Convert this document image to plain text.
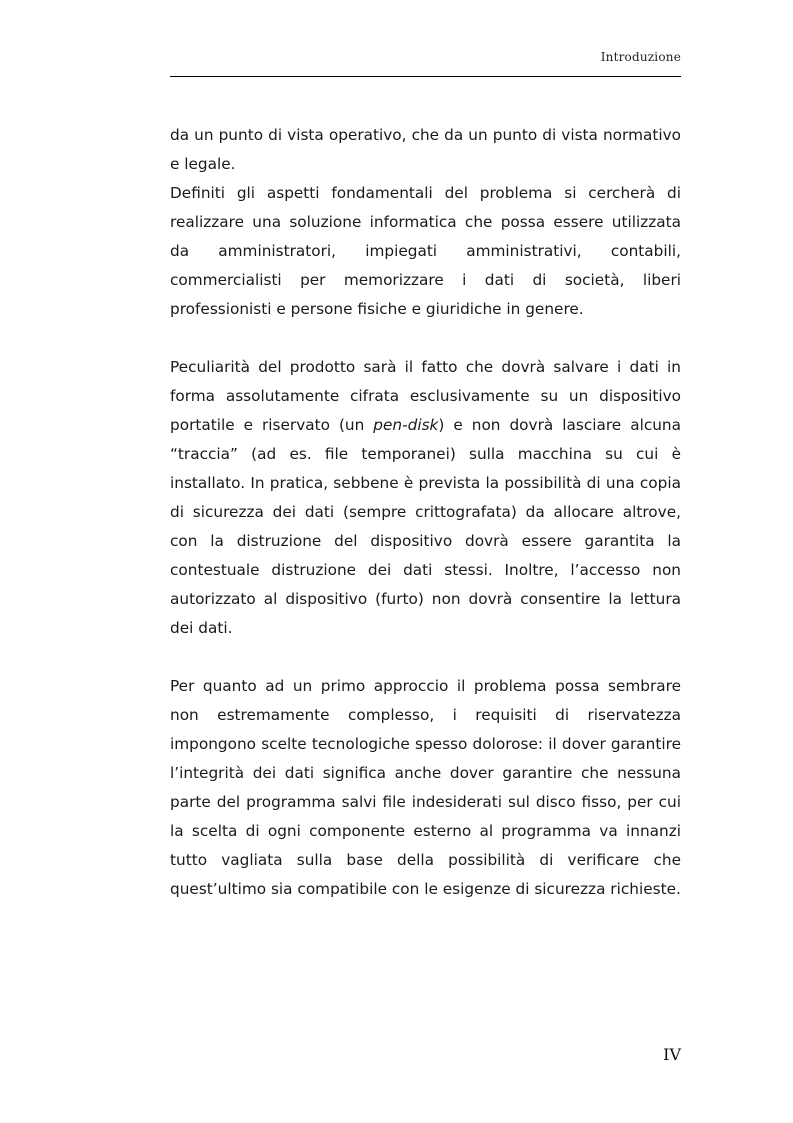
Introduzione

da un punto di vista operativo, che da un punto di vista normativo e legale.

Definiti gli aspetti fondamentali del problema si cercherà di realizzare una soluzione informatica che possa essere utilizzata da amministratori, impiegati amministrativi, contabili, commercialisti per memorizzare i dati di società, liberi professionisti e persone fisiche e giuridiche in genere.

Peculiarità del prodotto sarà il fatto che dovrà salvare i dati in forma assolutamente cifrata esclusivamente su un dispositivo portatile e riservato (un pen-disk) e non dovrà lasciare alcuna “traccia” (ad es. file temporanei) sulla macchina su cui è installato. In pratica, sebbene è prevista la possibilità di una copia di sicurezza dei dati (sempre crittografata) da allocare altrove, con la distruzione del dispositivo dovrà essere garantita la contestuale distruzione dei dati stessi. Inoltre, l’accesso non autorizzato al dispositivo (furto) non dovrà consentire la lettura dei dati.

Per quanto ad un primo approccio il problema possa sembrare non estremamente complesso, i requisiti di riservatezza impongono scelte tecnologiche spesso dolorose: il dover garantire l’integrità dei dati significa anche dover garantire che nessuna parte del programma salvi file indesiderati sul disco fisso, per cui la scelta di ogni componente esterno al programma va innanzi tutto vagliata sulla base della possibilità di verificare che quest’ultimo sia compatibile con le esigenze di sicurezza richieste.

IV
